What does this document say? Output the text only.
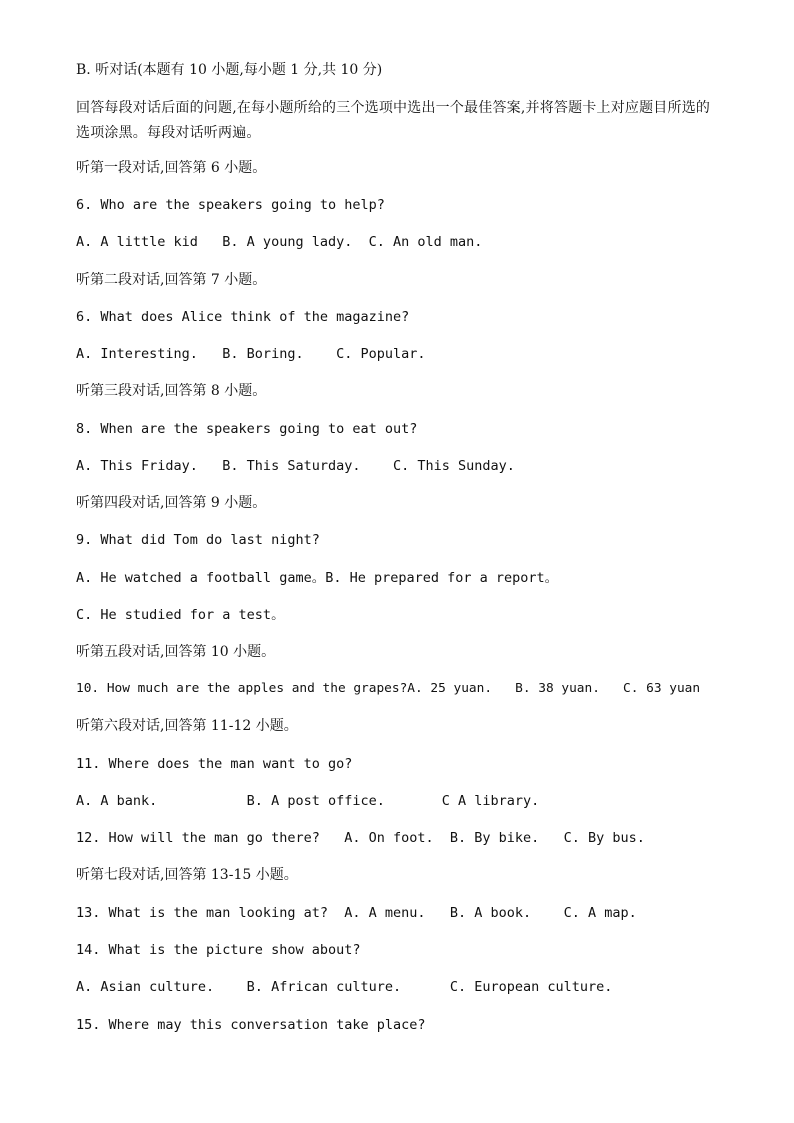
B. 听对话(本题有 10 小题,每小题 1 分,共 10 分)
回答每段对话后面的问题,在每小题所给的三个选项中选出一个最佳答案,并将答题卡上对应题目所选的选项涂黑。每段对话听两遍。
听第一段对话,回答第 6 小题。
6. Who are the speakers going to help?
A. A little kid   B. A young lady.  C. An old man.
听第二段对话,回答第 7 小题。
6. What does Alice think of the magazine?
A. Interesting.   B. Boring.    C. Popular.
听第三段对话,回答第 8 小题。
8. When are the speakers going to eat out?
A. This Friday.   B. This Saturday.    C. This Sunday.
听第四段对话,回答第 9 小题。
9. What did Tom do last night?
A. He watched a football game。B. He prepared for a report。
C. He studied for a test。
听第五段对话,回答第 10 小题。
10. How much are the apples and the grapes?A. 25 yuan.   B. 38 yuan.   C. 63 yuan
听第六段对话,回答第 11-12 小题。
11. Where does the man want to go?
A. A bank.           B. A post office.       C A library.
12. How will the man go there?   A. On foot.  B. By bike.   C. By bus.
听第七段对话,回答第 13-15 小题。
13. What is the man looking at?  A. A menu.   B. A book.    C. A map.
14. What is the picture show about?
A. Asian culture.    B. African culture.      C. European culture.
15. Where may this conversation take place?
